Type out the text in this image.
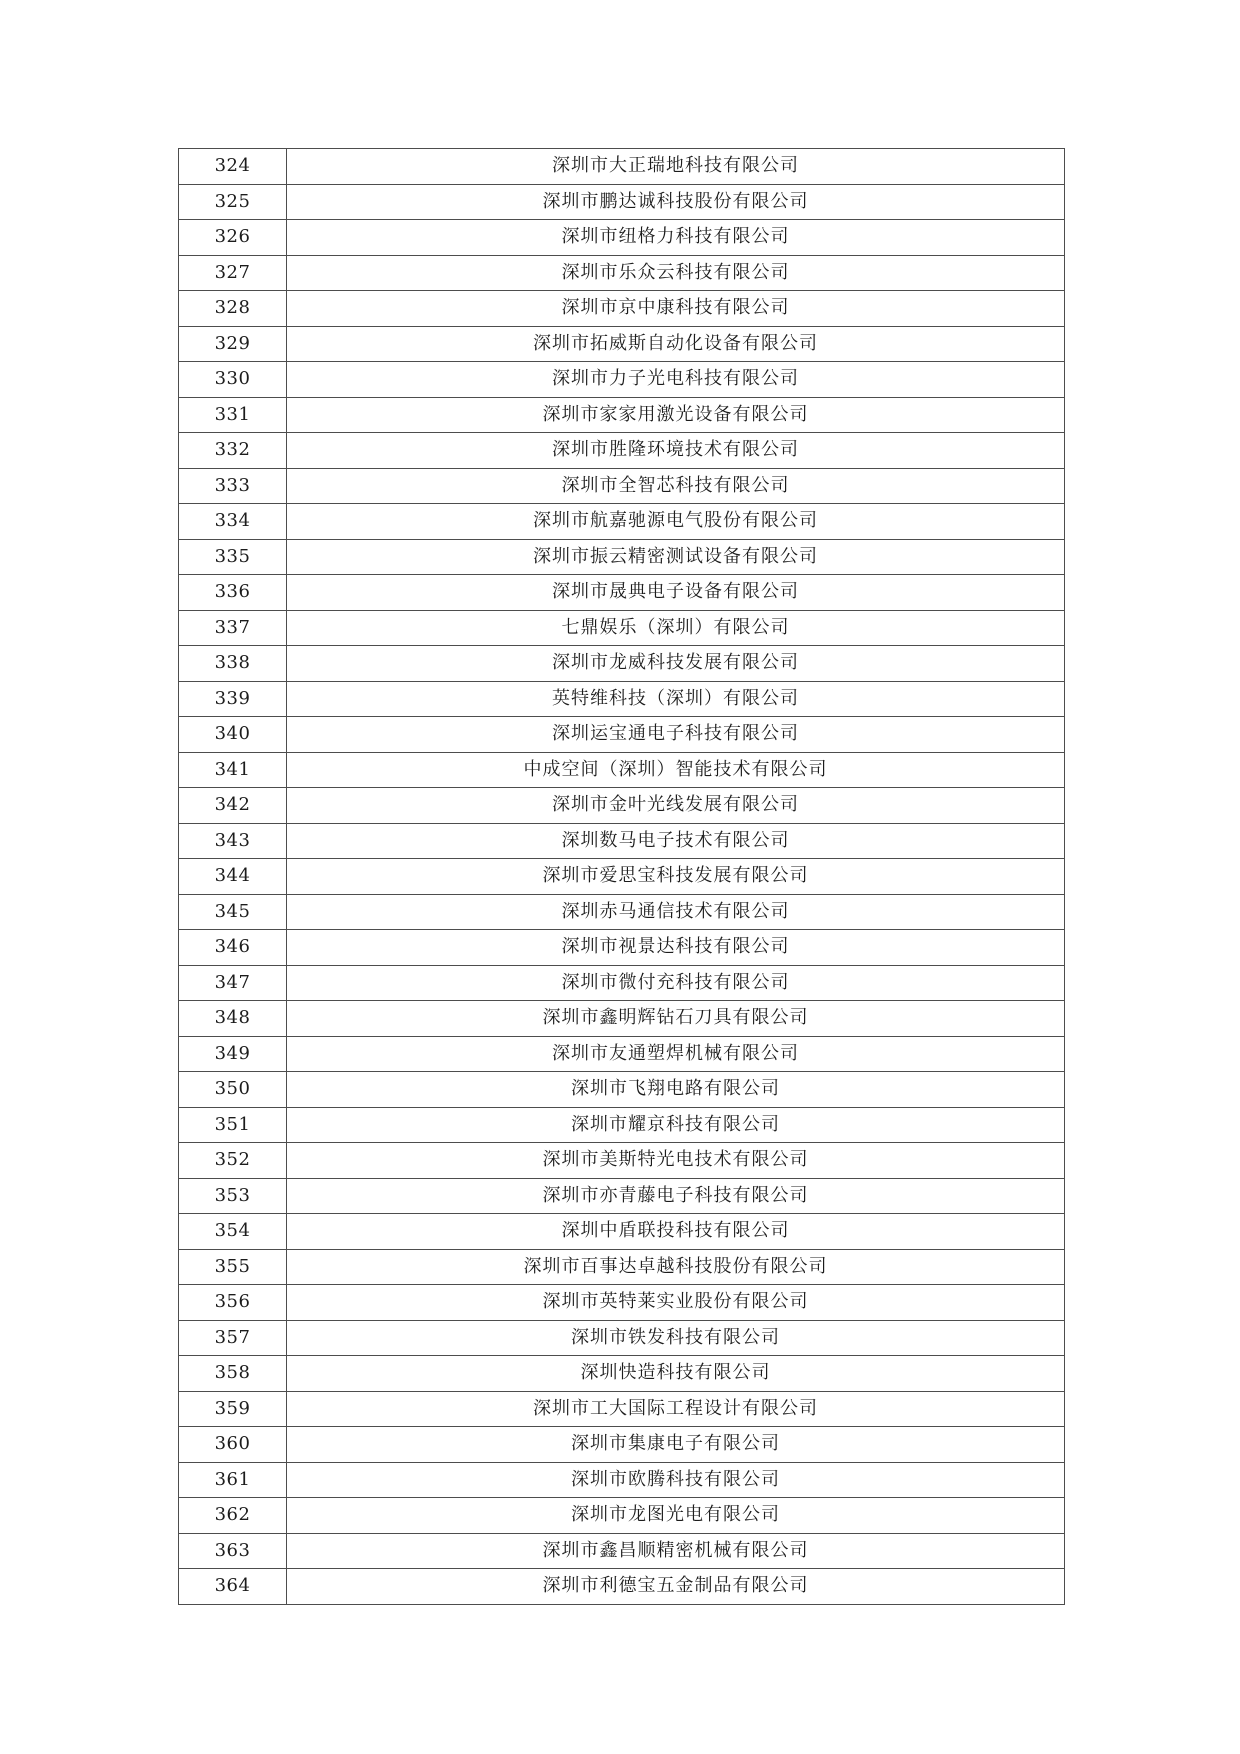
324	深圳市大正瑞地科技有限公司
325	深圳市鹏达诚科技股份有限公司
326	深圳市纽格力科技有限公司
327	深圳市乐众云科技有限公司
328	深圳市京中康科技有限公司
329	深圳市拓威斯自动化设备有限公司
330	深圳市力子光电科技有限公司
331	深圳市家家用激光设备有限公司
332	深圳市胜隆环境技术有限公司
333	深圳市全智芯科技有限公司
334	深圳市航嘉驰源电气股份有限公司
335	深圳市振云精密测试设备有限公司
336	深圳市晟典电子设备有限公司
337	七鼎娱乐（深圳）有限公司
338	深圳市龙威科技发展有限公司
339	英特维科技（深圳）有限公司
340	深圳运宝通电子科技有限公司
341	中成空间（深圳）智能技术有限公司
342	深圳市金叶光线发展有限公司
343	深圳数马电子技术有限公司
344	深圳市爱思宝科技发展有限公司
345	深圳赤马通信技术有限公司
346	深圳市视景达科技有限公司
347	深圳市微付充科技有限公司
348	深圳市鑫明辉钻石刀具有限公司
349	深圳市友通塑焊机械有限公司
350	深圳市飞翔电路有限公司
351	深圳市耀京科技有限公司
352	深圳市美斯特光电技术有限公司
353	深圳市亦青藤电子科技有限公司
354	深圳中盾联投科技有限公司
355	深圳市百事达卓越科技股份有限公司
356	深圳市英特莱实业股份有限公司
357	深圳市铁发科技有限公司
358	深圳快造科技有限公司
359	深圳市工大国际工程设计有限公司
360	深圳市集康电子有限公司
361	深圳市欧腾科技有限公司
362	深圳市龙图光电有限公司
363	深圳市鑫昌顺精密机械有限公司
364	深圳市利德宝五金制品有限公司
